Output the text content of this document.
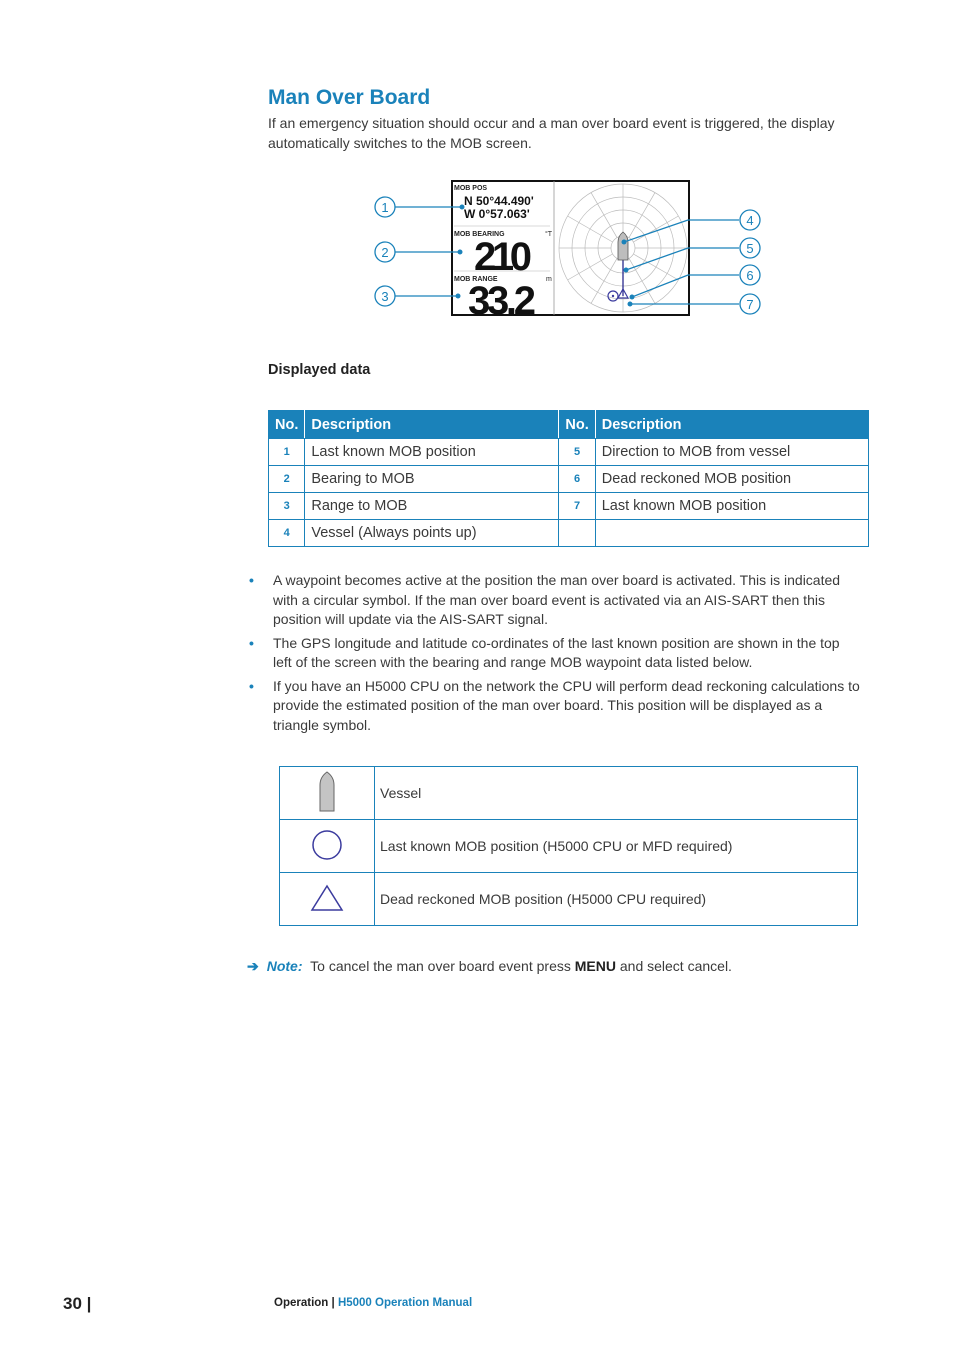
Man Over Board
If an emergency situation should occur and a man over board event is triggered, the display automatically switches to the MOB screen.
MOB POS
N 50°44.490'
W 0°57.063'
MOB BEARING	°T
210
MOB RANGE	m
33.2
1
2
3
4
5
6
7
Displayed data
No.	Description	No.	Description
1	Last known MOB position	5	Direction to MOB from vessel
2	Bearing to MOB	6	Dead reckoned MOB position
3	Range to MOB	7	Last known MOB position
4	Vessel (Always points up)		
• A waypoint becomes active at the position the man over board is activated. This is indicated with a circular symbol. If the man over board event is activated via an AIS-SART then this position will update via the AIS-SART signal.
• The GPS longitude and latitude co-ordinates of the last known position are shown in the top left of the screen with the bearing and range MOB waypoint data listed below.
• If you have an H5000 CPU on the network the CPU will perform dead reckoning calculations to provide the estimated position of the man over board. This position will be displayed as a triangle symbol.
	Vessel
	Last known MOB position (H5000 CPU or MFD required)
	Dead reckoned MOB position (H5000 CPU required)
➔ Note: To cancel the man over board event press MENU and select cancel.
30 |	Operation | H5000 Operation Manual
